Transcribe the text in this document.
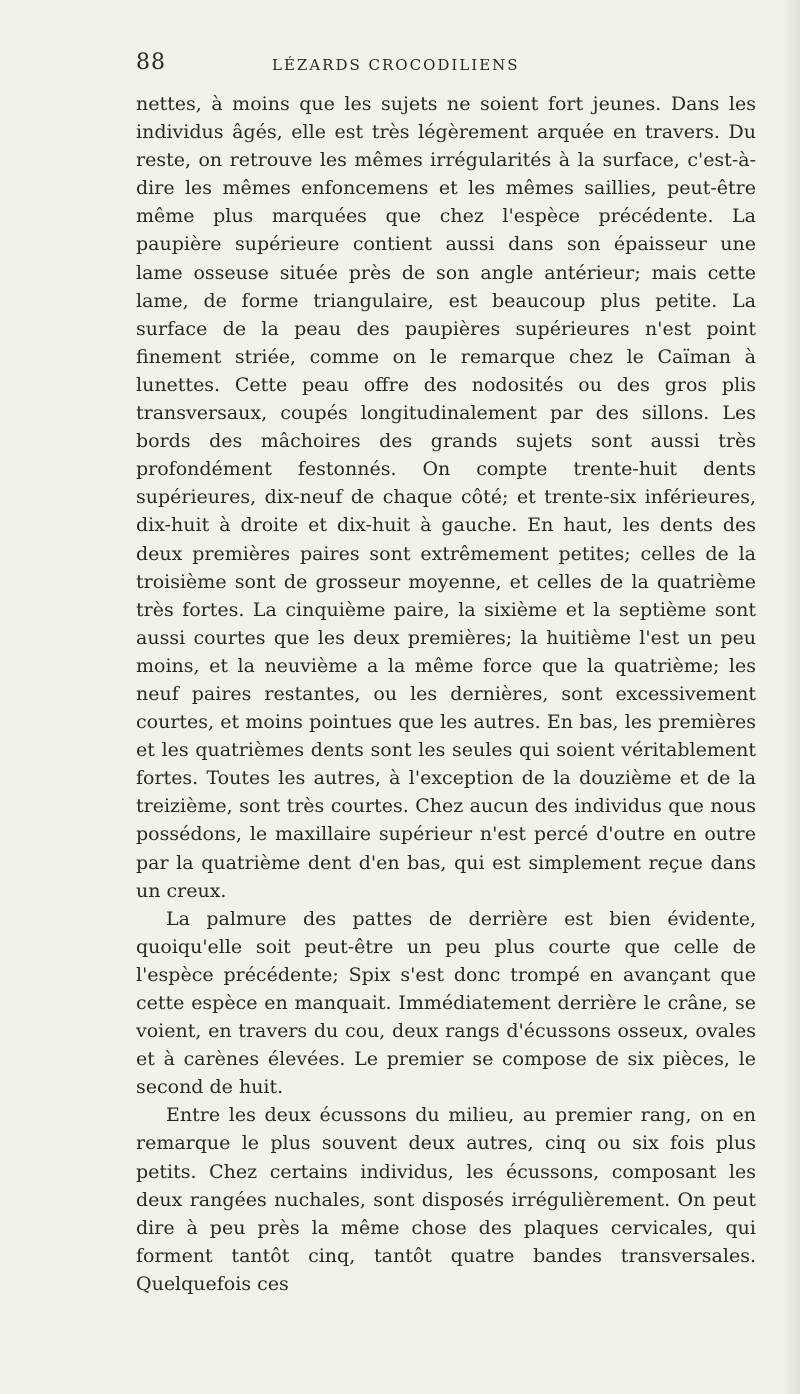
88	LÉZARDS CROCODILIENS

nettes, à moins que les sujets ne soient fort jeunes. Dans les individus âgés, elle est très légèrement arquée en travers. Du reste, on retrouve les mêmes irrégularités à la surface, c'est-à-dire les mêmes enfoncemens et les mêmes saillies, peut-être même plus marquées que chez l'espèce précédente. La paupière supérieure contient aussi dans son épaisseur une lame osseuse située près de son angle antérieur; mais cette lame, de forme triangulaire, est beaucoup plus petite. La surface de la peau des paupières supérieures n'est point finement striée, comme on le remarque chez le Caïman à lunettes. Cette peau offre des nodosités ou des gros plis transversaux, coupés longitudinalement par des sillons. Les bords des mâchoires des grands sujets sont aussi très profondément festonnés. On compte trente-huit dents supérieures, dix-neuf de chaque côté; et trente-six inférieures, dix-huit à droite et dix-huit à gauche. En haut, les dents des deux premières paires sont extrêmement petites; celles de la troisième sont de grosseur moyenne, et celles de la quatrième très fortes. La cinquième paire, la sixième et la septième sont aussi courtes que les deux premières; la huitième l'est un peu moins, et la neuvième a la même force que la quatrième; les neuf paires restantes, ou les dernières, sont excessivement courtes, et moins pointues que les autres. En bas, les premières et les quatrièmes dents sont les seules qui soient véritablement fortes. Toutes les autres, à l'exception de la douzième et de la treizième, sont très courtes. Chez aucun des individus que nous possédons, le maxillaire supérieur n'est percé d'outre en outre par la quatrième dent d'en bas, qui est simplement reçue dans un creux.

La palmure des pattes de derrière est bien évidente, quoiqu'elle soit peut-être un peu plus courte que celle de l'espèce précédente; Spix s'est donc trompé en avançant que cette espèce en manquait. Immédiatement derrière le crâne, se voient, en travers du cou, deux rangs d'écussons osseux, ovales et à carènes élevées. Le premier se compose de six pièces, le second de huit.

Entre les deux écussons du milieu, au premier rang, on en remarque le plus souvent deux autres, cinq ou six fois plus petits. Chez certains individus, les écussons, composant les deux rangées nuchales, sont disposés irrégulièrement. On peut dire à peu près la même chose des plaques cervicales, qui forment tantôt cinq, tantôt quatre bandes transversales. Quelquefois ces
